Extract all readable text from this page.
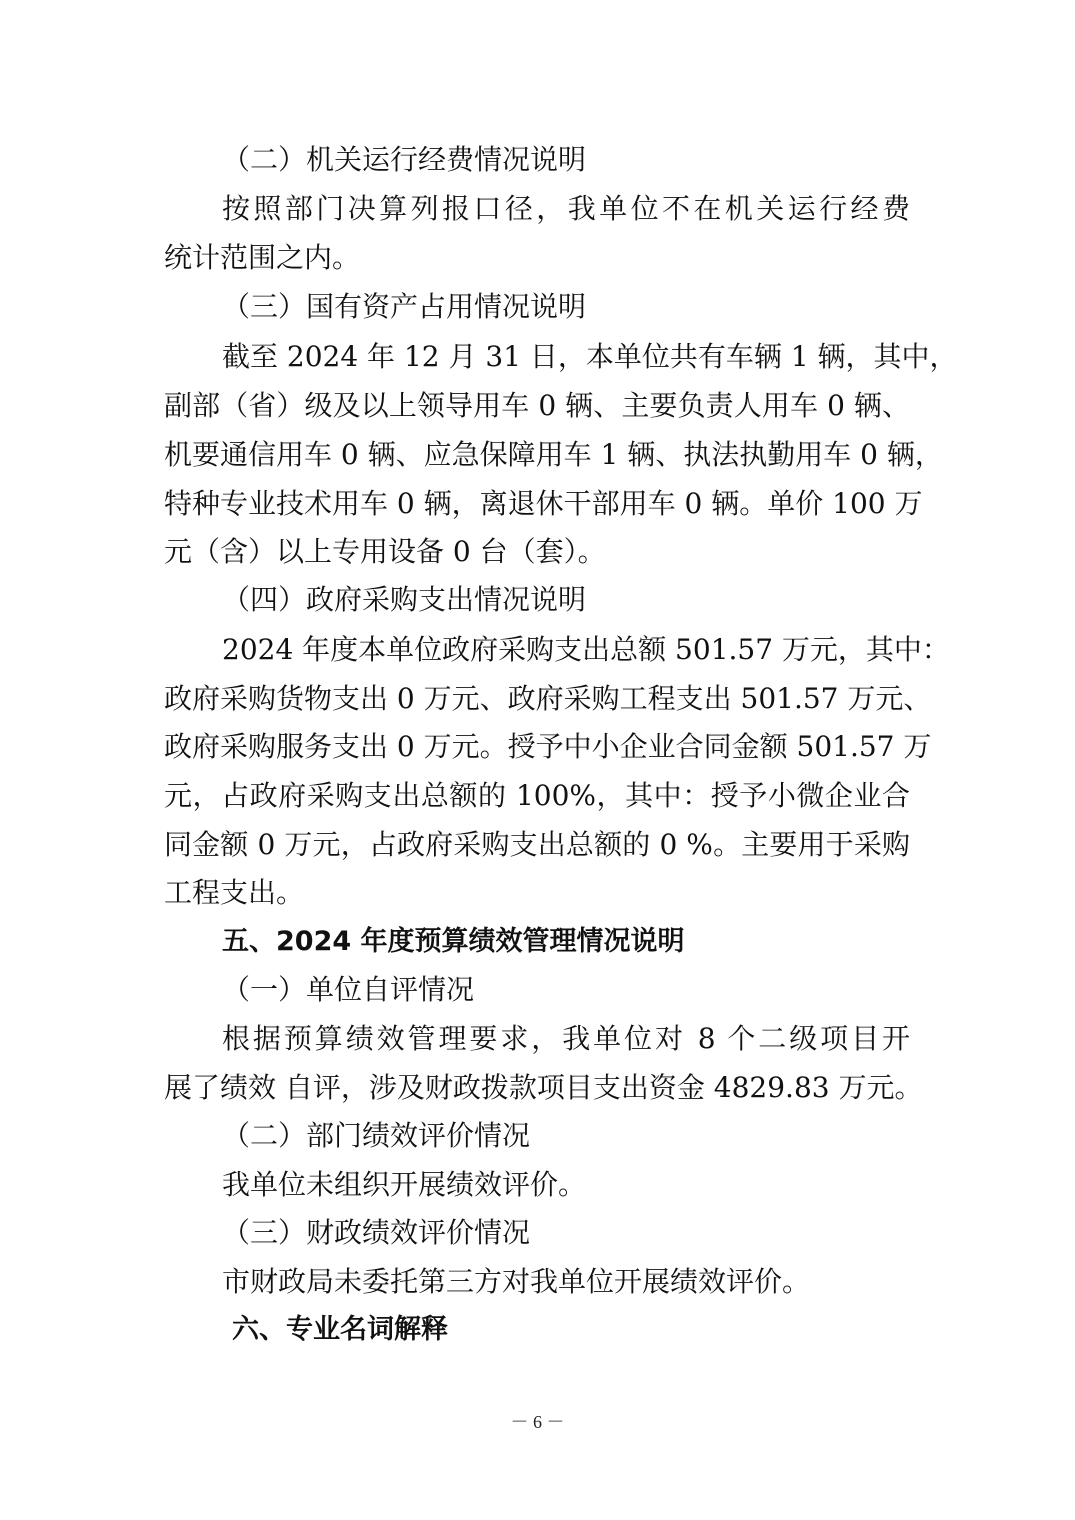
（二）机关运行经费情况说明
按照部门决算列报口径，我单位不在机关运行经费
统计范围之内。
（三）国有资产占用情况说明
截至 2024 年 12 月 31 日，本单位共有车辆 1 辆，其中，
副部（省）级及以上领导用车 0 辆、主要负责人用车 0 辆、
机要通信用车 0 辆、应急保障用车 1 辆、执法执勤用车 0 辆，
特种专业技术用车 0 辆，离退休干部用车 0 辆。单价 100 万
元（含）以上专用设备 0 台（套）。
（四）政府采购支出情况说明
2024 年度本单位政府采购支出总额 501.57 万元，其中：
政府采购货物支出 0 万元、政府采购工程支出 501.57 万元、
政府采购服务支出 0 万元。授予中小企业合同金额 501.57 万
元，占政府采购支出总额的 100%，其中：授予小微企业合
同金额 0 万元，占政府采购支出总额的 0 %。主要用于采购
工程支出。
五、2024 年度预算绩效管理情况说明
（一）单位自评情况
根据预算绩效管理要求，我单位对 8 个二级项目开
展了绩效 自评，涉及财政拨款项目支出资金 4829.83 万元。
（二）部门绩效评价情况
我单位未组织开展绩效评价。
（三）财政绩效评价情况
市财政局未委托第三方对我单位开展绩效评价。
六、专业名词解释
－ 6 －
